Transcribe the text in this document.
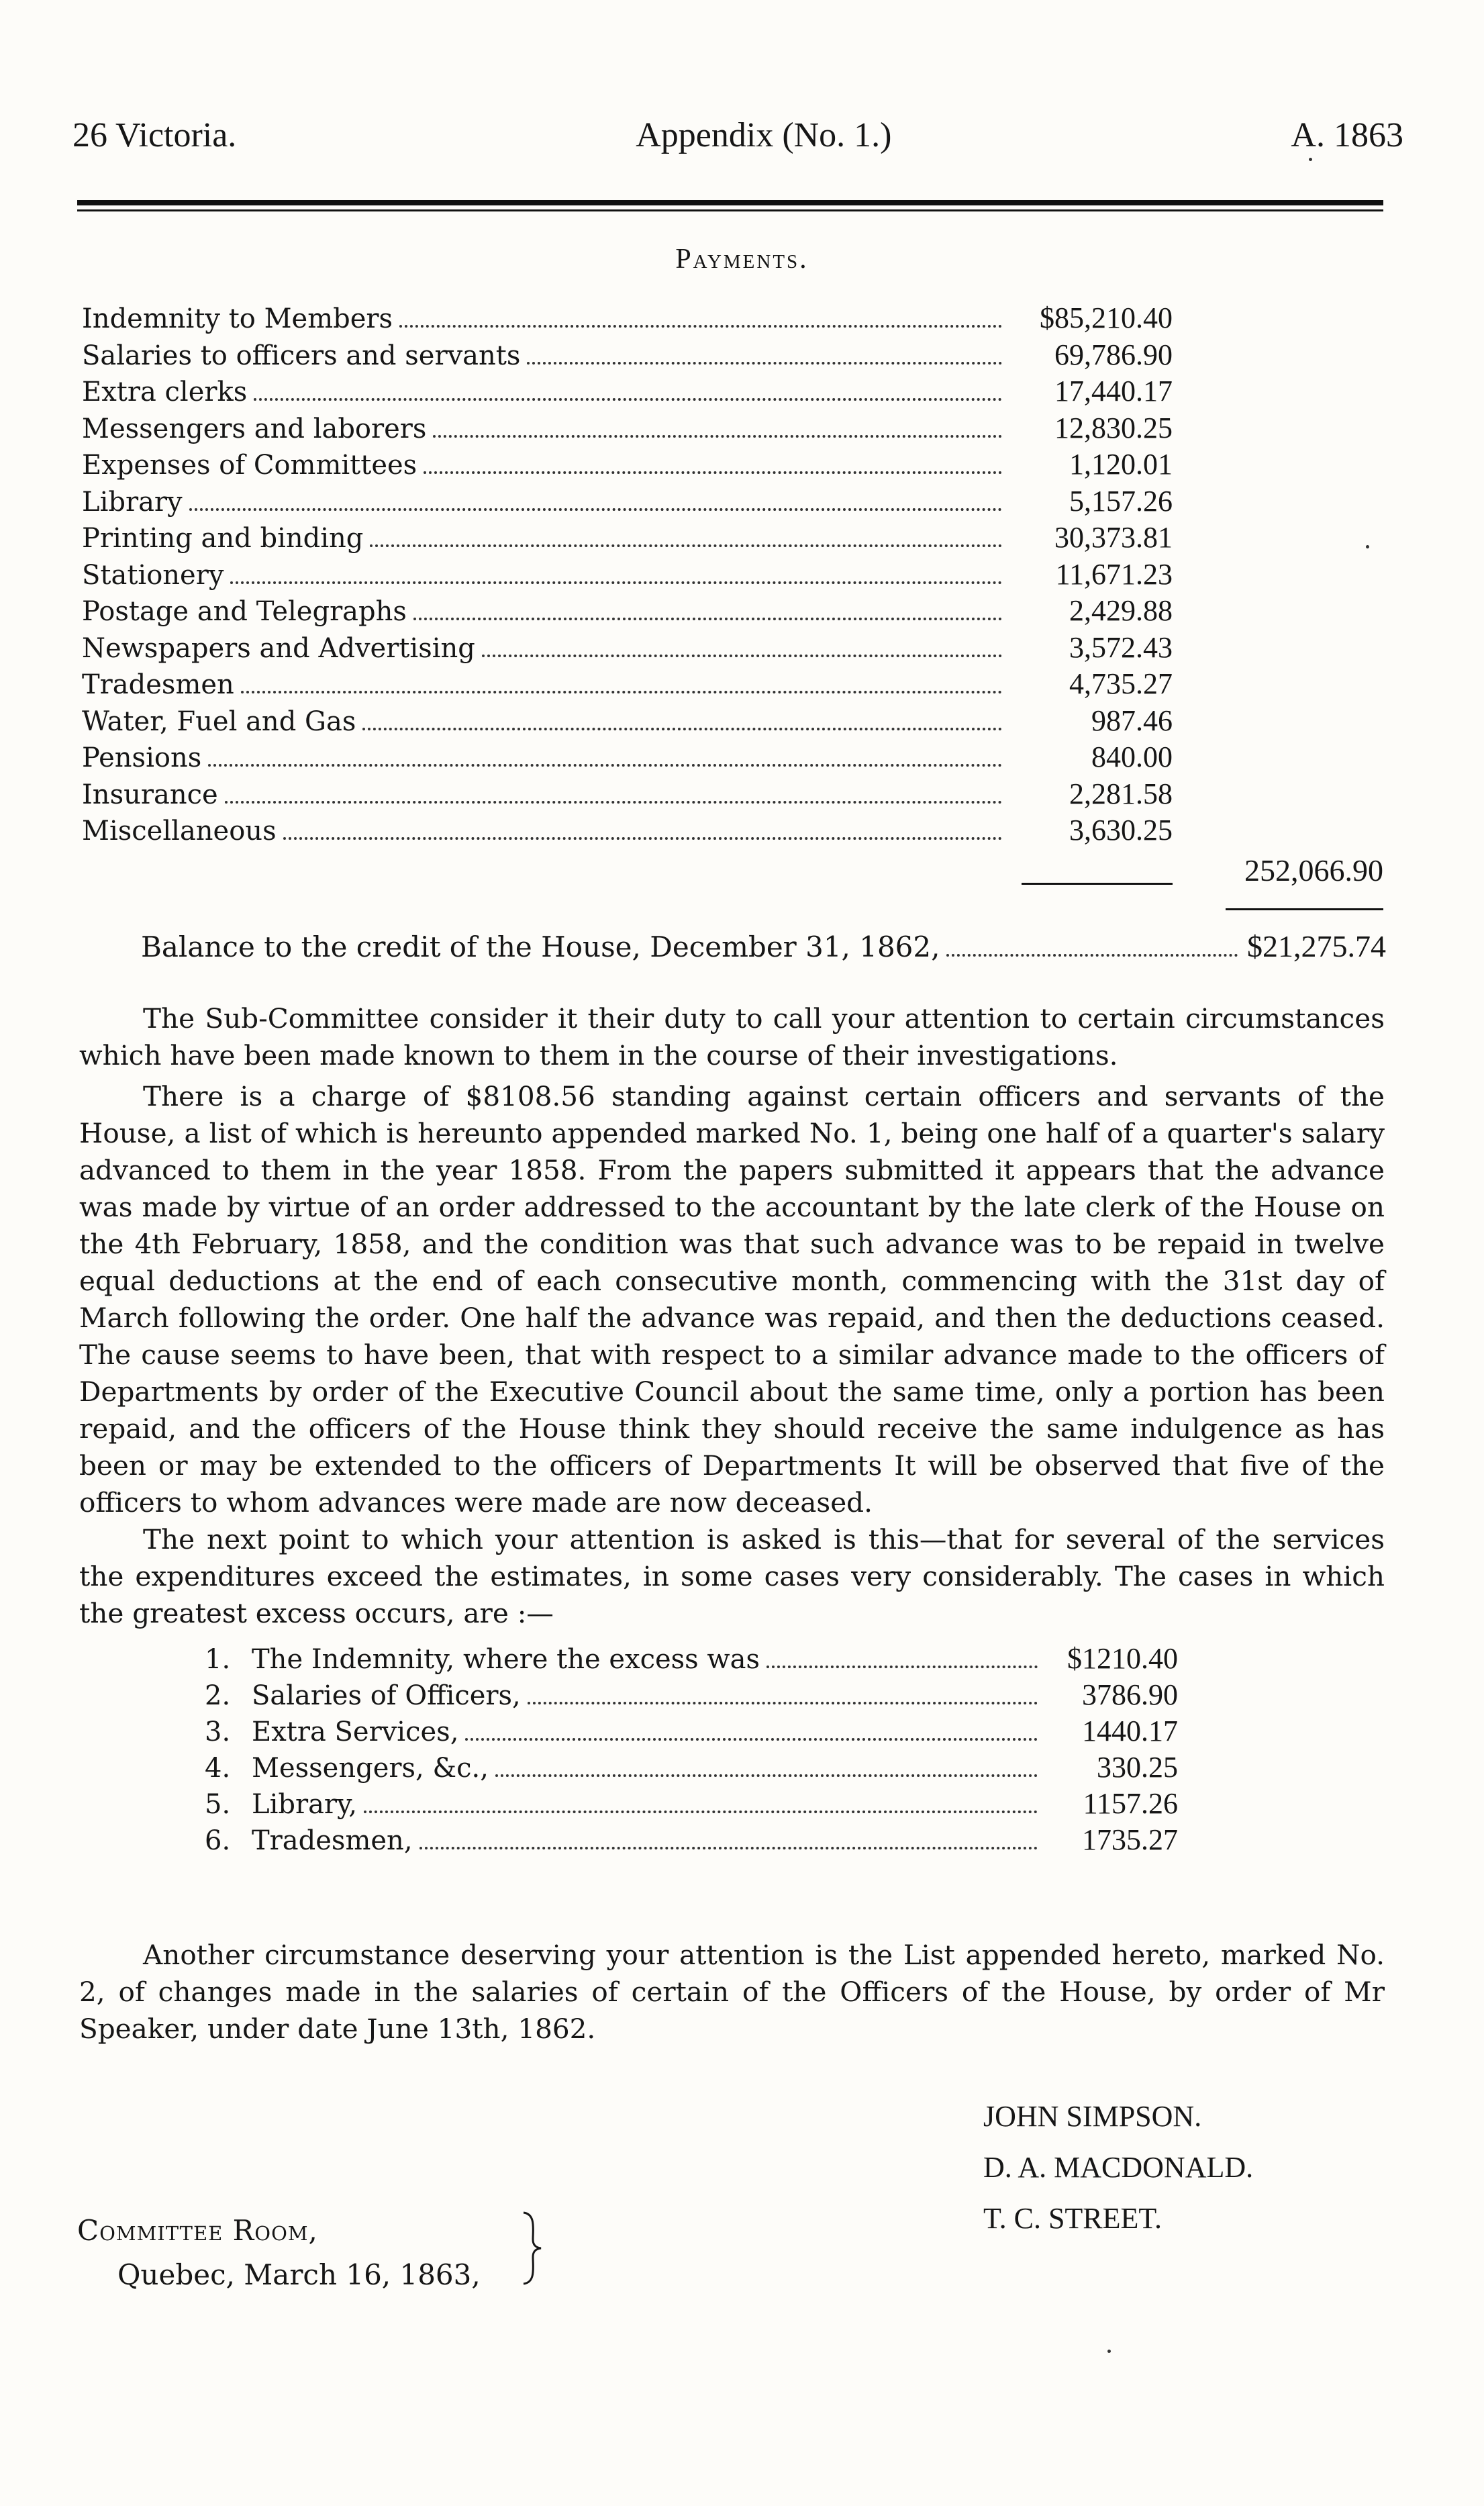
26 Victoria.	Appendix (No. 1.)	A. 1863
Payments.
Indemnity to Members	$85,210.40
Salaries to officers and servants	69,786.90
Extra clerks	17,440.17
Messengers and laborers	12,830.25
Expenses of Committees	1,120.01
Library	5,157.26
Printing and binding	30,373.81
Stationery	11,671.23
Postage and Telegraphs	2,429.88
Newspapers and Advertising	3,572.43
Tradesmen	4,735.27
Water, Fuel and Gas	987.46
Pensions	840.00
Insurance	2,281.58
Miscellaneous	3,630.25
252,066.90
Balance to the credit of the House, December 31, 1862,	$21,275.74

The Sub-Committee consider it their duty to call your attention to certain circumstances which have been made known to them in the course of their investigations.

There is a charge of $8108.56 standing against certain officers and servants of the House, a list of which is hereunto appended marked No. 1, being one half of a quarter's salary advanced to them in the year 1858. From the papers submitted it appears that the advance was made by virtue of an order addressed to the accountant by the late clerk of the House on the 4th February, 1858, and the condition was that such advance was to be repaid in twelve equal deductions at the end of each consecutive month, commencing with the 31st day of March following the order. One half the advance was repaid, and then the deductions ceased. The cause seems to have been, that with respect to a similar advance made to the officers of Departments by order of the Executive Council about the same time, only a portion has been repaid, and the officers of the House think they should receive the same indulgence as has been or may be extended to the officers of Departments It will be observed that five of the officers to whom advances were made are now deceased.

The next point to which your attention is asked is this—that for several of the services the expenditures exceed the estimates, in some cases very considerably. The cases in which the greatest excess occurs, are :—

1. The Indemnity, where the excess was	$1210.40
2. Salaries of Officers,	3786.90
3. Extra Services,	1440.17
4. Messengers, &c.,	330.25
5. Library,	1157.26
6. Tradesmen,	1735.27

Another circumstance deserving your attention is the List appended hereto, marked No. 2, of changes made in the salaries of certain of the Officers of the House, by order of Mr Speaker, under date June 13th, 1862.

JOHN SIMPSON.
D. A. MACDONALD.
T. C. STREET.
Committee Room,
Quebec, March 16, 1863,
